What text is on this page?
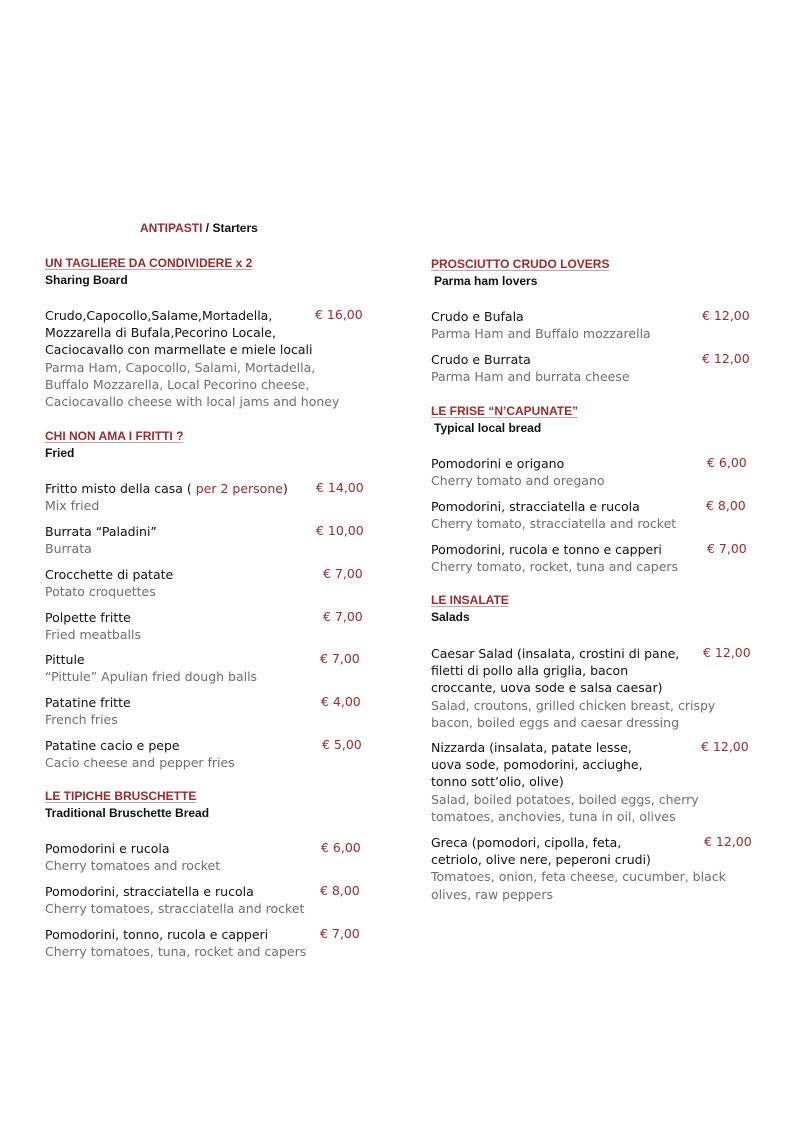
ANTIPASTI / Starters
UN TAGLIERE DA CONDIVIDERE x 2
Sharing Board
Crudo,Capocollo,Salame,Mortadella,
Mozzarella di Bufala,Pecorino Locale,
Caciocavallo con marmellate e miele locali
Parma Ham, Capocollo, Salami, Mortadella,
Buffalo Mozzarella, Local Pecorino cheese,
Caciocavallo cheese with local jams and honey
€ 16,00
CHI NON AMA I FRITTI ?
Fried
Fritto misto della casa ( per 2 persone)
Mix fried
€ 14,00
Burrata “Paladini”
Burrata
€ 10,00
Crocchette di patate
Potato croquettes
€ 7,00
Polpette fritte
Fried meatballs
€ 7,00
Pittule
“Pittule” Apulian fried dough balls
€ 7,00
Patatine fritte
French fries
€ 4,00
Patatine cacio e pepe
Cacio cheese and pepper fries
€ 5,00
LE TIPICHE BRUSCHETTE
Traditional Bruschette Bread
Pomodorini e rucola
Cherry tomatoes and rocket
€ 6,00
Pomodorini, stracciatella e rucola
Cherry tomatoes, stracciatella and rocket
€ 8,00
Pomodorini, tonno, rucola e capperi
Cherry tomatoes, tuna, rocket and capers
€ 7,00
PROSCIUTTO CRUDO LOVERS
Parma ham lovers
Crudo e Bufala
Parma Ham and Buffalo mozzarella
€ 12,00
Crudo e Burrata
Parma Ham and burrata cheese
€ 12,00
LE FRISE “N’CAPUNATE”
Typical local bread
Pomodorini e origano
Cherry tomato and oregano
€ 6,00
Pomodorini, stracciatella e rucola
Cherry tomato, stracciatella and rocket
€ 8,00
Pomodorini, rucola e tonno e capperi
Cherry tomato, rocket, tuna and capers
€ 7,00
LE INSALATE
Salads
Caesar Salad (insalata, crostini di pane,
filetti di pollo alla griglia, bacon
croccante, uova sode e salsa caesar)
Salad, croutons, grilled chicken breast, crispy
bacon, boiled eggs and caesar dressing
€ 12,00
Nizzarda (insalata, patate lesse,
uova sode, pomodorini, acciughe,
tonno sott’olio, olive)
Salad, boiled potatoes, boiled eggs, cherry
tomatoes, anchovies, tuna in oil, olives
€ 12,00
Greca (pomodori, cipolla, feta,
cetriolo, olive nere, peperoni crudi)
Tomatoes, onion, feta cheese, cucumber, black
olives, raw peppers
€ 12,00
